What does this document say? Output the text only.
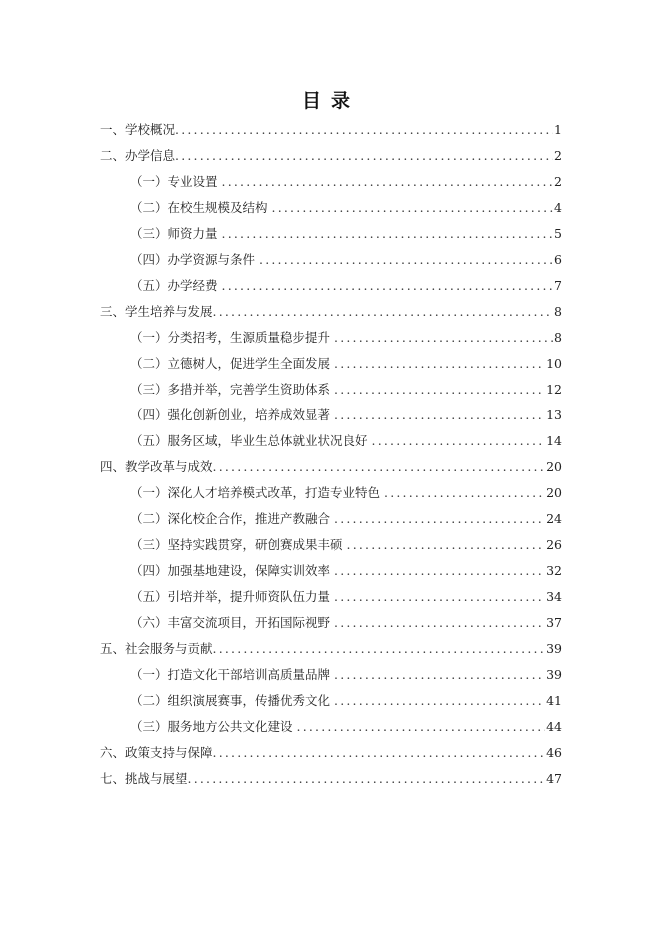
目录
一、学校概况 .....	1
二、办学信息 .....	2
（一）专业设置 .....	2
（二）在校生规模及结构 .....	4
（三）师资力量 .....	5
（四）办学资源与条件 .....	6
（五）办学经费 .....	7
三、学生培养与发展 .....	8
（一）分类招考，生源质量稳步提升 .....	8
（二）立德树人，促进学生全面发展 .....	10
（三）多措并举，完善学生资助体系 .....	12
（四）强化创新创业，培养成效显著 .....	13
（五）服务区域，毕业生总体就业状况良好 .....	14
四、教学改革与成效 .....	20
（一）深化人才培养模式改革，打造专业特色 .....	20
（二）深化校企合作，推进产教融合 .....	24
（三）坚持实践贯穿，研创赛成果丰硕 .....	26
（四）加强基地建设，保障实训效率 .....	32
（五）引培并举，提升师资队伍力量 .....	34
（六）丰富交流项目，开拓国际视野 .....	37
五、社会服务与贡献 .....	39
（一）打造文化干部培训高质量品牌 .....	39
（二）组织演展赛事，传播优秀文化 .....	41
（三）服务地方公共文化建设 .....	44
六、政策支持与保障 .....	46
七、挑战与展望 .....	47
